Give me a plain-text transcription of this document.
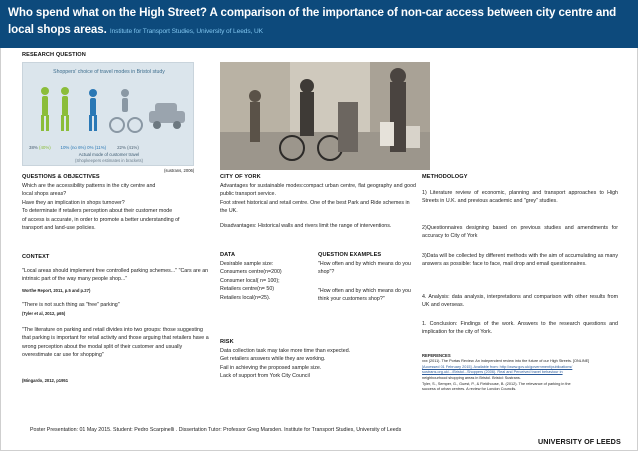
Who spend what on the High Street? A comparison of the importance of non-car access between city centre and local shops areas. Institute for Transport Studies, University of Leeds, UK
RESEARCH QUESTION
Shoppers' choice of travel modes in Bristol study
38% (40%) 10% (no 6%) 0% (11%) 22% (41%)
Actual mode of customer travel
(Shopkeepers estimates in brackets)
(sustrans, 2006)
QUESTIONS & OBJECTIVES
Which are the accessibility patterns in the city centre and
local shops areas?
Have they an implication in shops turnover?
To determinate if retailers perception about their customer mode
of access is accurate, in order to promote a better understanding of
transport and land-use policies.
CONTEXT
"Local areas should implement free controlled parking schemes..." "Cars are an intrinsic part of the way many people shop..."
Worthe Report, 2011, p.5 and p.27)
"There is not such thing as "free" parking"
(Tyler et al, 2012, p65)
"The literature on parking and retail divides into two groups: those suggesting that parking is important for retail activity and those arguing that retailers have a wrong perception about the modal split of their customer and usually overestimate car use for shopping"
(Mingardo, 2012, p1951
CITY OF YORK
Advantages for sustainable modes:compact urban centre, flat geography and good public transport service.
Foot street historical and retail centre. One of the best Park and Ride schemes in the UK.
Disadvantages: Historical walls and rivers limit the range of interventions.
DATA
Desirable sample size:
Consumers centre(n=200)
Consumer local( n= 100);
Retailers centre(n= 50)
Retailers local(n=25).
QUESTION EXAMPLES
"How often and by which means do you shop"?
"How often and by which means do you think your customers shop?"
RISK
Data collection task may take more time than expected.
Get retailers answers while they are working.
Fail in achieving the proposed sample size.
Lack of support from York City Council
METHODOLOGY
1) Literature review of economic, planning and transport approaches to High Streets in U.K. and previous academic and "grey" studies.
2)Questionnaires designing based on previous studies and amendments for accuracy to City of York
3)Data will be collected by different methods with the aim of accumulating as many answers as possible: face to face, mail drop and email questionnaires.
4. Analysis: data analysis, interpretations and comparison with other results from UK and overseas.
1. Conclusion: Findings of the work. Answers to the research questions and implication for the city of York.
REFERENCES
xxx (2011). The Portas Review. An independent review into the future of our High Streets. [ONLINE]
[Accessed 01 February 2015]. Available from: http://www.gov.uk/government/publications/
sustrans.org.uk/.../Bristol...Shoppers (2006). Real and Perceived travel behaviour in
neighbourhood shopping areas in Bristol. Bristol: Sustrans.
Tyler, S., Semper, G., Guest, P., & Fieldhouse, B. (2012). The relevance of parking in the
success of urban centres. A review for London Councils.
Poster Presentation: 01 May 2015. Student: Pedro Scarpinelli . Dissertation Tutor: Professor Greg Marsden. Institute for Transport Studies, University of Leeds
UNIVERSITY OF LEEDS
